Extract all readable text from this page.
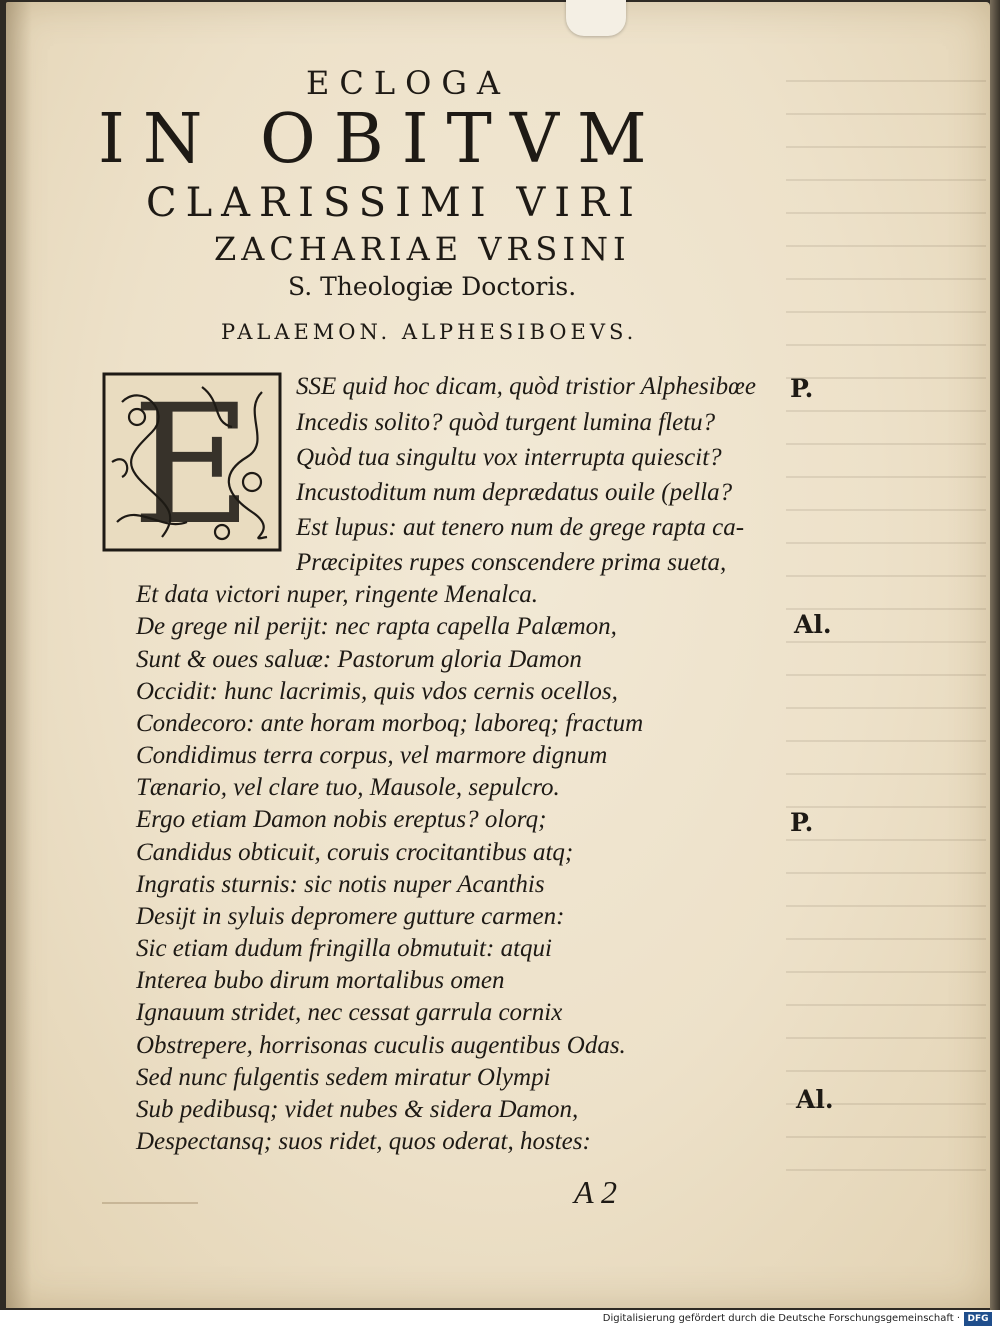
ECLOGA
IN OBITVM
CLARISSIMI VIRI
ZACHARIAE VRSINI
S. Theologiæ Doctoris.
PALAEMON. ALPHESIBOEVS.
E SSE quid hoc dicam, quòd tristior Alphesibœe
Incedis solito? quòd turgent lumina fletu?
Quòd tua singultu vox interrupta quiescit?
Incustoditum num deprædatus ouile (pella?
Est lupus: aut tenero num de grege rapta ca-
Præcipites rupes conscendere prima sueta,
Et data victori nuper, ringente Menalca.
De grege nil perijt: nec rapta capella Palæmon,
Sunt & oues saluæ: Pastorum gloria Damon
Occidit: hunc lacrimis, quis vdos cernis ocellos,
Condecoro: ante horam morboq; laboreq; fractum
Condidimus terra corpus, vel marmore dignum
Tænario, vel clare tuo, Mausole, sepulcro.
Ergo etiam Damon nobis ereptus? olorq;
Candidus obticuit, coruis crocitantibus atq;
Ingratis sturnis: sic notis nuper Acanthis
Desijt in syluis depromere gutture carmen:
Sic etiam dudum fringilla obmutuit: atqui
Interea bubo dirum mortalibus omen
Ignauum stridet, nec cessat garrula cornix
Obstrepere, horrisonas cuculis augentibus Odas.
Sed nunc fulgentis sedem miratur Olympi
Sub pedibusq; videt nubes & sidera Damon,
Despectansq; suos ridet, quos oderat, hostes:
P.
Al.
P.
Al.
A 2
Digitalisierung gefördert durch die Deutsche Forschungsgemeinschaft · DFG
